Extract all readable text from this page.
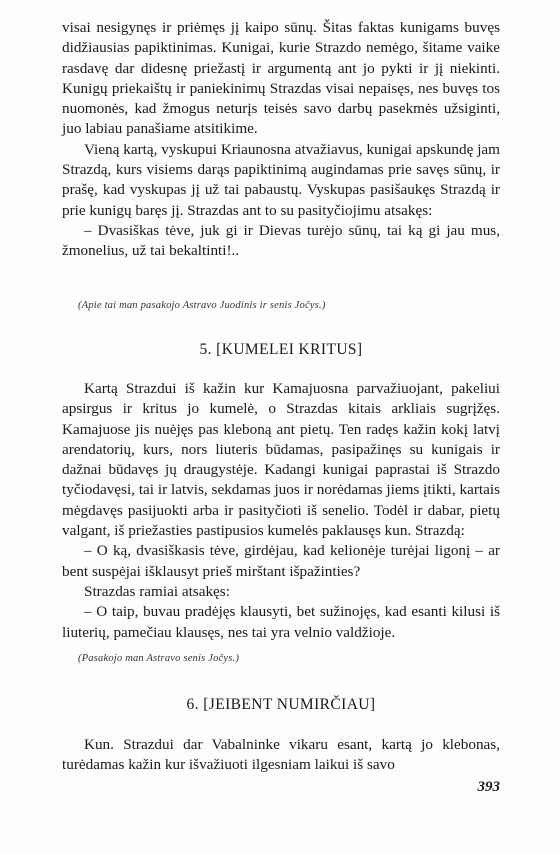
visai nesigynęs ir priėmęs jį kaipo sūnų. Šitas faktas kunigams buvęs didžiausias papiktinimas. Kunigai, kurie Strazdo nemėgo, šitame vaike rasdavę dar didesnę priežastį ir argumentą ant jo pykti ir jį niekinti. Kunigų priekaištų ir paniekinimų Strazdas visai nepaisęs, nes buvęs tos nuomonės, kad žmogus neturįs teisės savo darbų pasekmės užsiginti, juo labiau panašiame atsitikime.

Vieną kartą, vyskupui Kriaunosna atvažiavus, kunigai apskundę jam Strazdą, kurs visiems darąs papiktinimą augindamas prie savęs sūnų, ir prašę, kad vyskupas jį už tai pabaustų. Vyskupas pasišaukęs Strazdą ir prie kunigų baręs jį. Strazdas ant to su pasityčiojimu atsakęs:

– Dvasiškas tėve, juk gi ir Dievas turėjo sūnų, tai ką gi jau mus, žmonelius, už tai bekaltinti!..

(Apie tai man pasakojo Astravo Juodinis ir senis Jočys.)
5. [KUMELEI KRITUS]

Kartą Strazdui iš kažin kur Kamajuosna parvažiuojant, pakeliui apsirgus ir kritus jo kumelė, o Strazdas kitais arkliais sugrįžęs. Kamajuose jis nuėjęs pas kleboną ant pietų. Ten radęs kažin kokį latvį arendatorių, kurs, nors liuteris būdamas, pasipažinęs su kunigais ir dažnai būdavęs jų draugystėje. Kadangi kunigai paprastai iš Strazdo tyčiodavęsi, tai ir latvis, sekdamas juos ir norėdamas jiems įtikti, kartais mėgdavęs pasijuokti arba ir pasityčioti iš senelio. Todėl ir dabar, pietų valgant, iš priežasties pastipusios kumelės paklausęs kun. Strazdą:

– O ką, dvasiškasis tėve, girdėjau, kad kelionėje turėjai ligonį – ar bent suspėjai išklausyt prieš mirštant išpažinties?

Strazdas ramiai atsakęs:

– O taip, buvau pradėjęs klausyti, bet sužinojęs, kad esanti kilusi iš liuterių, pamečiau klausęs, nes tai yra velnio valdžioje.

(Pasakojo man Astravo senis Jočys.)
6. [JEIBENT NUMIRČIAU]

Kun. Strazdui dar Vabalninke vikaru esant, kartą jo klebonas, turėdamas kažin kur išvažiuoti ilgesniam laikui iš savo

393
